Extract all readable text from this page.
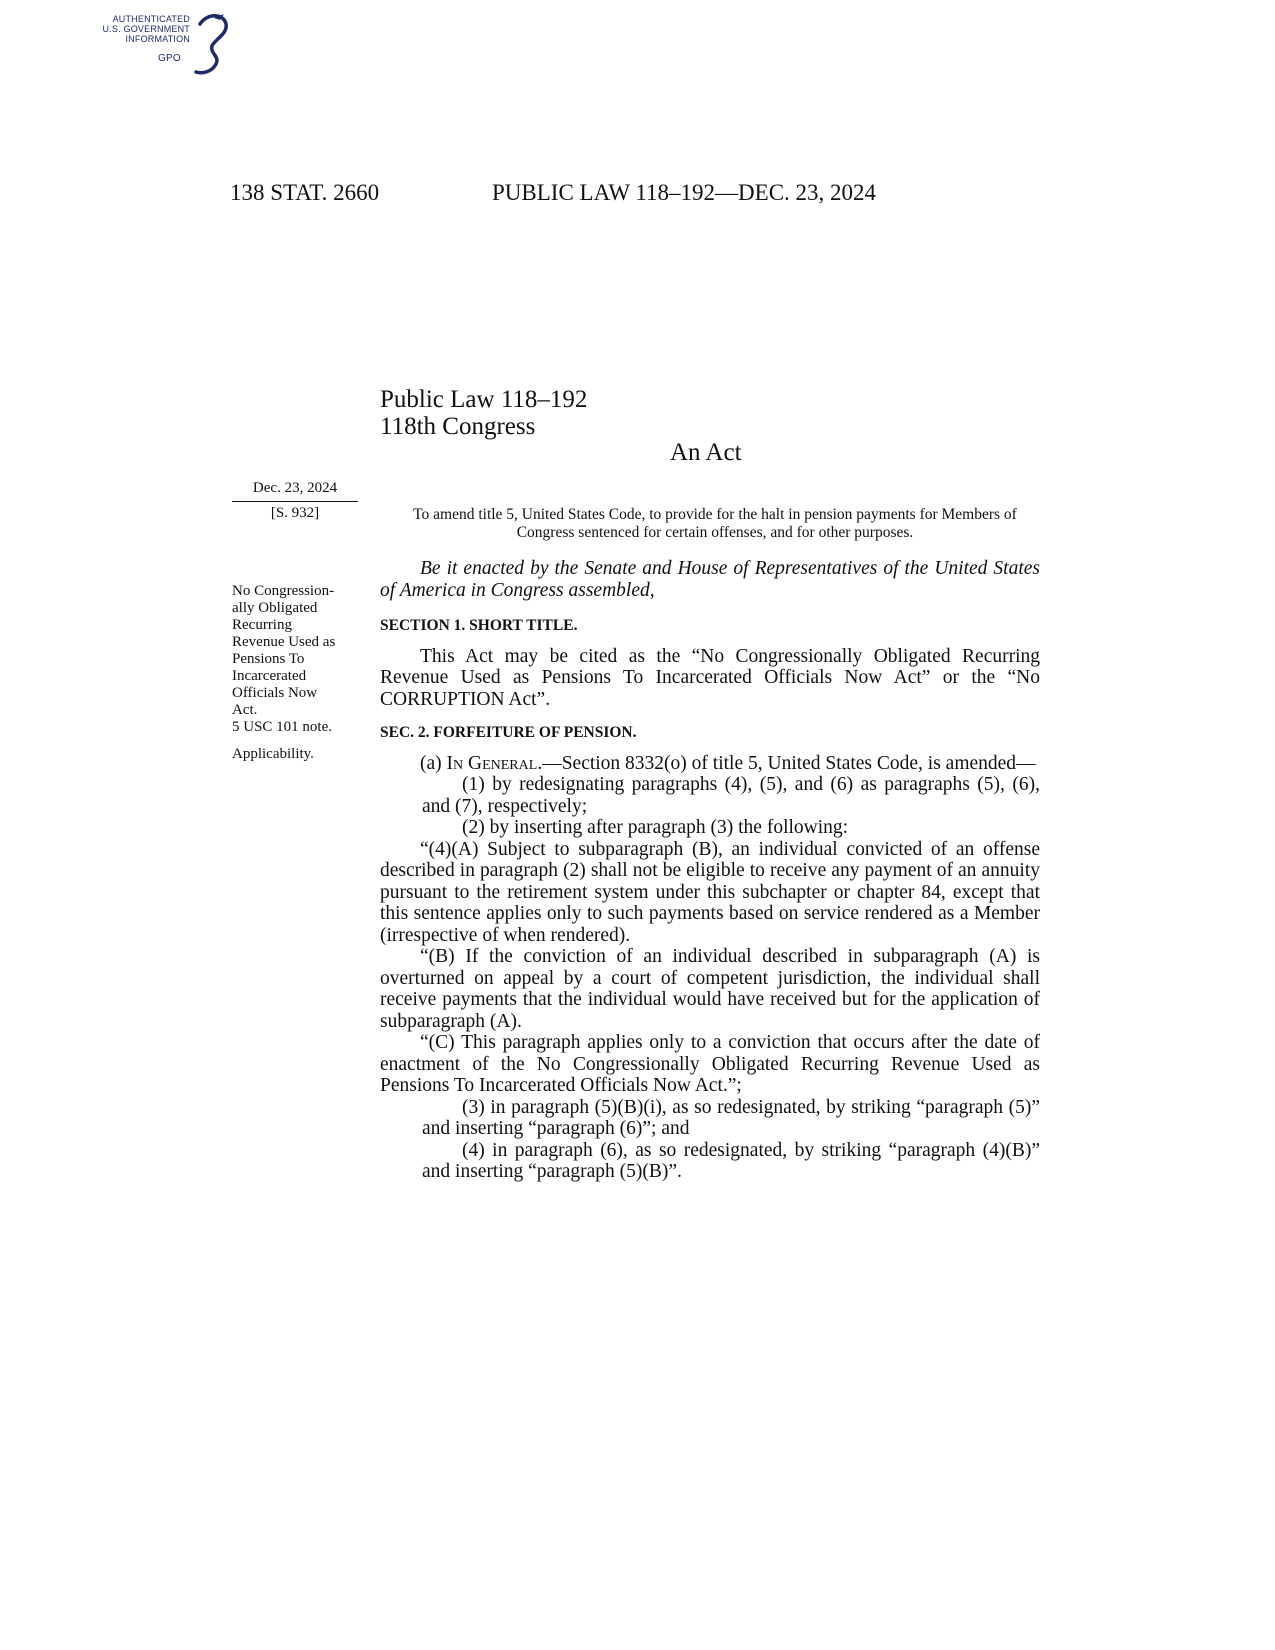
AUTHENTICATED
U.S. GOVERNMENT
INFORMATION
GPO
138 STAT. 2660	PUBLIC LAW 118–192—DEC. 23, 2024
Public Law 118–192
118th Congress
An Act
Dec. 23, 2024
[S. 932]
No Congression-
ally Obligated
Recurring
Revenue Used as
Pensions To
Incarcerated
Officials Now
Act.
5 USC 101 note.
Applicability.
To amend title 5, United States Code, to provide for the halt in pension payments for Members of Congress sentenced for certain offenses, and for other purposes.

Be it enacted by the Senate and House of Representatives of the United States of America in Congress assembled,

SECTION 1. SHORT TITLE.

This Act may be cited as the “No Congressionally Obligated Recurring Revenue Used as Pensions To Incarcerated Officials Now Act” or the “No CORRUPTION Act”.

SEC. 2. FORFEITURE OF PENSION.

(a) In General.—Section 8332(o) of title 5, United States Code, is amended—

(1) by redesignating paragraphs (4), (5), and (6) as paragraphs (5), (6), and (7), respectively;

(2) by inserting after paragraph (3) the following:

“(4)(A) Subject to subparagraph (B), an individual convicted of an offense described in paragraph (2) shall not be eligible to receive any payment of an annuity pursuant to the retirement system under this subchapter or chapter 84, except that this sentence applies only to such payments based on service rendered as a Member (irrespective of when rendered).

“(B) If the conviction of an individual described in subparagraph (A) is overturned on appeal by a court of competent jurisdiction, the individual shall receive payments that the individual would have received but for the application of subparagraph (A).

“(C) This paragraph applies only to a conviction that occurs after the date of enactment of the No Congressionally Obligated Recurring Revenue Used as Pensions To Incarcerated Officials Now Act.”;

(3) in paragraph (5)(B)(i), as so redesignated, by striking “paragraph (5)” and inserting “paragraph (6)”; and

(4) in paragraph (6), as so redesignated, by striking “paragraph (4)(B)” and inserting “paragraph (5)(B)”.
